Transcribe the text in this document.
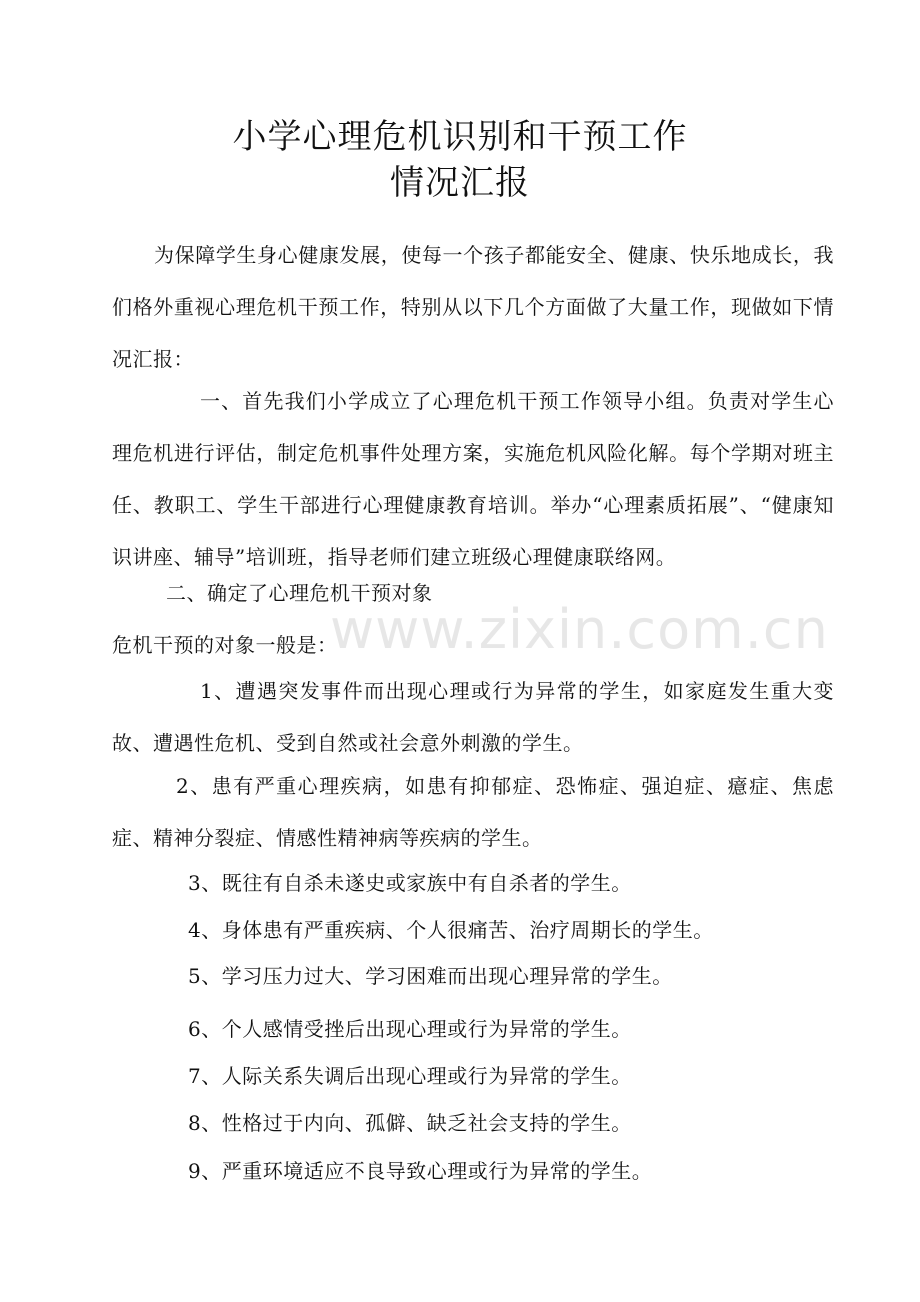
小学心理危机识别和干预工作
情况汇报

为保障学生身心健康发展，使每一个孩子都能安全、健康、快乐地成长，我们格外重视心理危机干预工作，特别从以下几个方面做了大量工作，现做如下情况汇报：

一、首先我们小学成立了心理危机干预工作领导小组。负责对学生心理危机进行评估，制定危机事件处理方案，实施危机风险化解。每个学期对班主任、教职工、学生干部进行心理健康教育培训。举办“心理素质拓展”、“健康知识讲座、辅导”培训班，指导老师们建立班级心理健康联络网。

二、确定了心理危机干预对象

危机干预的对象一般是：

1、遭遇突发事件而出现心理或行为异常的学生，如家庭发生重大变故、遭遇性危机、受到自然或社会意外刺激的学生。

2、患有严重心理疾病，如患有抑郁症、恐怖症、强迫症、癔症、焦虑症、精神分裂症、情感性精神病等疾病的学生。

3、既往有自杀未遂史或家族中有自杀者的学生。

4、身体患有严重疾病、个人很痛苦、治疗周期长的学生。

5、学习压力过大、学习困难而出现心理异常的学生。

6、个人感情受挫后出现心理或行为异常的学生。

7、人际关系失调后出现心理或行为异常的学生。

8、性格过于内向、孤僻、缺乏社会支持的学生。

9、严重环境适应不良导致心理或行为异常的学生。

www.zixin.com.cn
